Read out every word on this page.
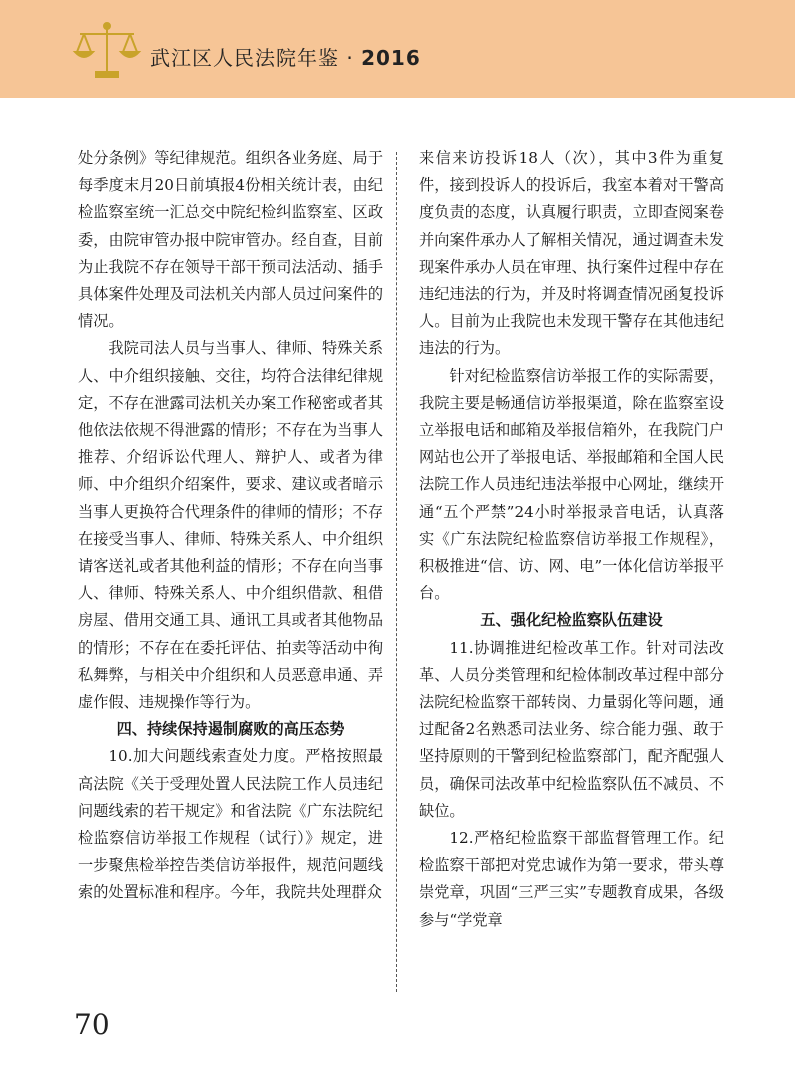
武江区人民法院年鉴 · 2016

处分条例》等纪律规范。组织各业务庭、局于每季度末月20日前填报4份相关统计表，由纪检监察室统一汇总交中院纪检纠监察室、区政委，由院审管办报中院审管办。经自查，目前为止我院不存在领导干部干预司法活动、插手具体案件处理及司法机关内部人员过问案件的情况。

我院司法人员与当事人、律师、特殊关系人、中介组织接触、交往，均符合法律纪律规定，不存在泄露司法机关办案工作秘密或者其他依法依规不得泄露的情形；不存在为当事人推荐、介绍诉讼代理人、辩护人、或者为律师、中介组织介绍案件，要求、建议或者暗示当事人更换符合代理条件的律师的情形；不存在接受当事人、律师、特殊关系人、中介组织请客送礼或者其他利益的情形；不存在向当事人、律师、特殊关系人、中介组织借款、租借房屋、借用交通工具、通讯工具或者其他物品的情形；不存在在委托评估、拍卖等活动中徇私舞弊，与相关中介组织和人员恶意串通、弄虚作假、违规操作等行为。

四、持续保持遏制腐败的高压态势

10.加大问题线索查处力度。严格按照最高法院《关于受理处置人民法院工作人员违纪问题线索的若干规定》和省法院《广东法院纪检监察信访举报工作规程（试行）》规定，进一步聚焦检举控告类信访举报件，规范问题线索的处置标准和程序。今年，我院共处理群众

来信来访投诉18人（次），其中3件为重复件，接到投诉人的投诉后，我室本着对干警高度负责的态度，认真履行职责，立即查阅案卷并向案件承办人了解相关情况，通过调查未发现案件承办人员在审理、执行案件过程中存在违纪违法的行为，并及时将调查情况函复投诉人。目前为止我院也未发现干警存在其他违纪违法的行为。

针对纪检监察信访举报工作的实际需要，我院主要是畅通信访举报渠道，除在监察室设立举报电话和邮箱及举报信箱外，在我院门户网站也公开了举报电话、举报邮箱和全国人民法院工作人员违纪违法举报中心网址，继续开通“五个严禁”24小时举报录音电话，认真落实《广东法院纪检监察信访举报工作规程》，积极推进“信、访、网、电”一体化信访举报平台。

五、强化纪检监察队伍建设

11.协调推进纪检改革工作。针对司法改革、人员分类管理和纪检体制改革过程中部分法院纪检监察干部转岗、力量弱化等问题，通过配备2名熟悉司法业务、综合能力强、敢于坚持原则的干警到纪检监察部门，配齐配强人员，确保司法改革中纪检监察队伍不减员、不缺位。

12.严格纪检监察干部监督管理工作。纪检监察干部把对党忠诚作为第一要求，带头尊崇党章，巩固“三严三实”专题教育成果，各级参与“学党章

70
